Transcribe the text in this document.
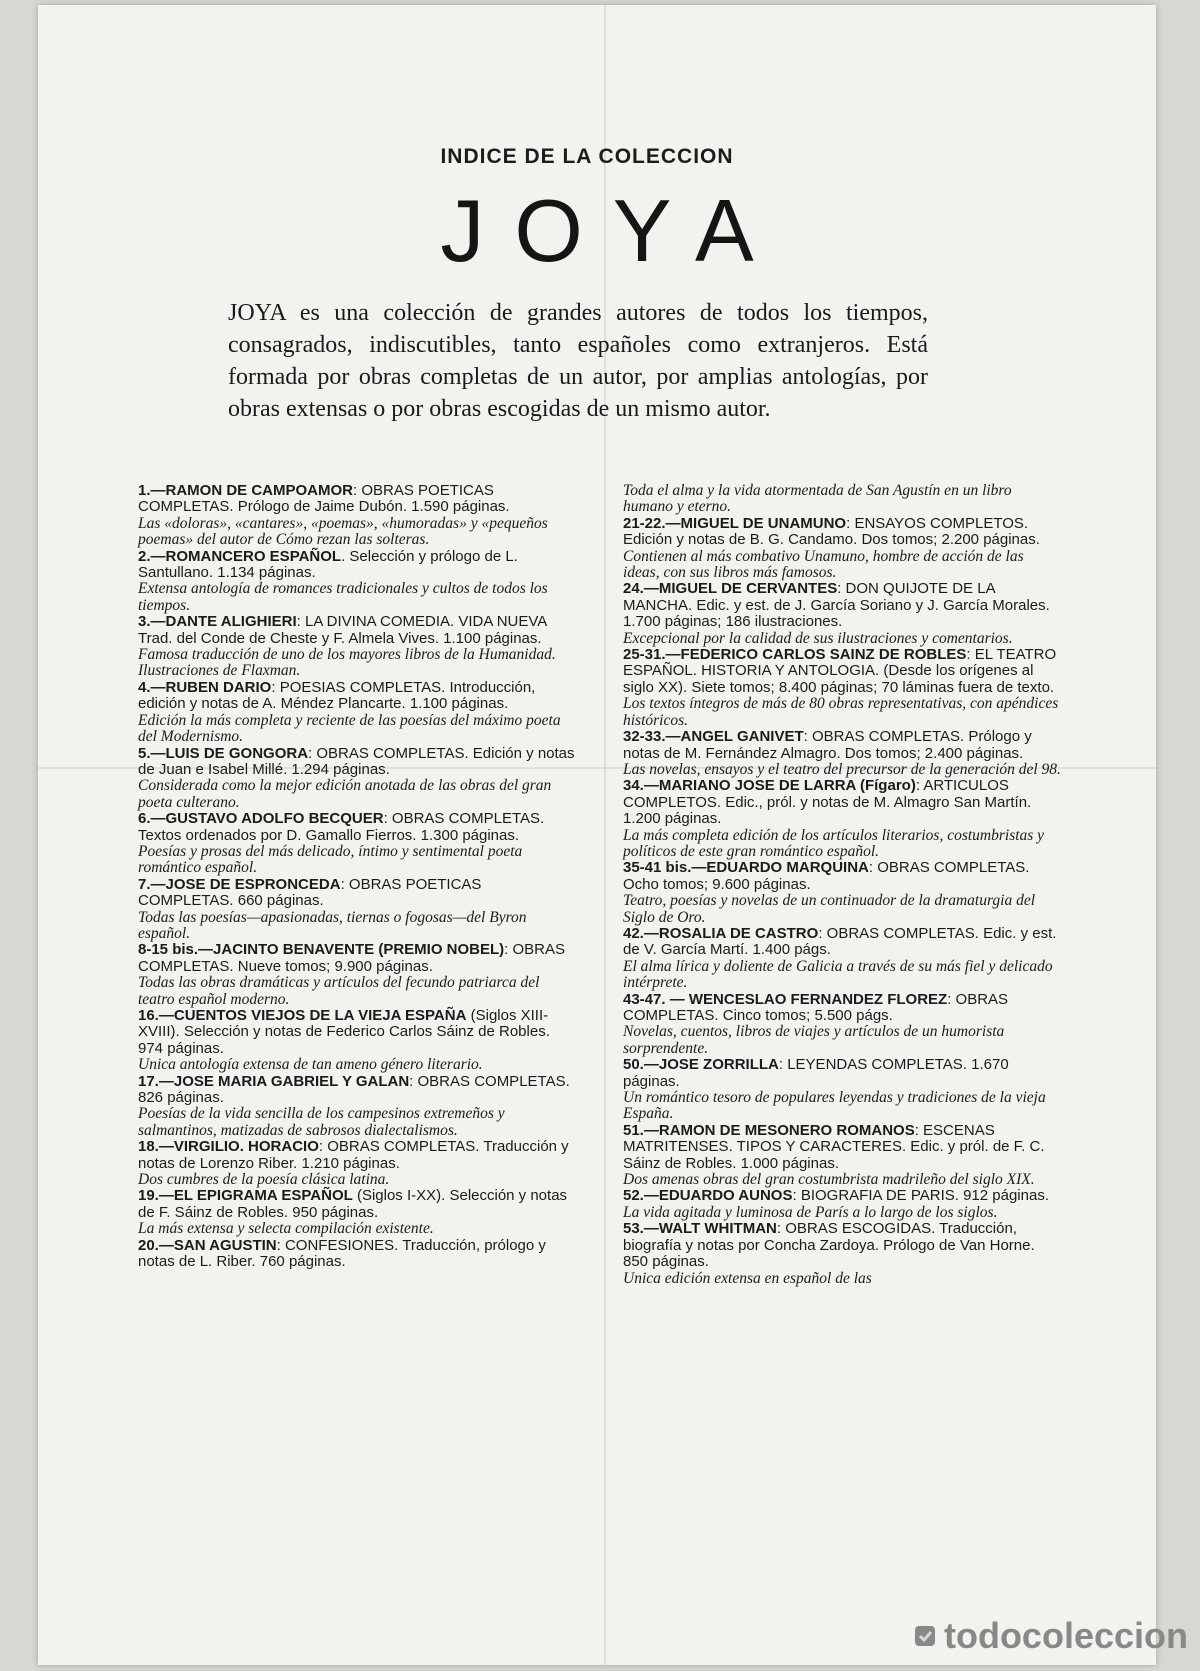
INDICE DE LA COLECCION
JOYA
JOYA es una colección de grandes autores de todos los tiempos, consagrados, indiscutibles, tanto españoles como extranjeros. Está formada por obras completas de un autor, por amplias antologías, por obras extensas o por obras escogidas de un mismo autor.
1.—RAMON DE CAMPOAMOR: OBRAS POETICAS COMPLETAS. Prólogo de Jaime Dubón. 1.590 páginas.
Las «doloras», «cantares», «poemas», «humoradas» y «pequeños poemas» del autor de Cómo rezan las solteras.
2.—ROMANCERO ESPAÑOL. Selección y prólogo de L. Santullano. 1.134 páginas.
Extensa antología de romances tradicionales y cultos de todos los tiempos.
3.—DANTE ALIGHIERI: LA DIVINA COMEDIA. VIDA NUEVA Trad. del Conde de Cheste y F. Almela Vives. 1.100 páginas.
Famosa traducción de uno de los mayores libros de la Humanidad. Ilustraciones de Flaxman.
4.—RUBEN DARIO: POESIAS COMPLETAS. Introducción, edición y notas de A. Méndez Plancarte. 1.100 páginas.
Edición la más completa y reciente de las poesías del máximo poeta del Modernismo.
5.—LUIS DE GONGORA: OBRAS COMPLETAS. Edición y notas de Juan e Isabel Millé. 1.294 páginas.
Considerada como la mejor edición anotada de las obras del gran poeta culterano.
6.—GUSTAVO ADOLFO BECQUER: OBRAS COMPLETAS. Textos ordenados por D. Gamallo Fierros. 1.300 páginas.
Poesías y prosas del más delicado, íntimo y sentimental poeta romántico español.
7.—JOSE DE ESPRONCEDA: OBRAS POETICAS COMPLETAS. 660 páginas.
Todas las poesías—apasionadas, tiernas o fogosas—del Byron español.
8-15 bis.—JACINTO BENAVENTE (PREMIO NOBEL): OBRAS COMPLETAS. Nueve tomos; 9.900 páginas.
Todas las obras dramáticas y artículos del fecundo patriarca del teatro español moderno.
16.—CUENTOS VIEJOS DE LA VIEJA ESPAÑA (Siglos XIII-XVIII). Selección y notas de Federico Carlos Sáinz de Robles. 974 páginas.
Unica antología extensa de tan ameno género literario.
17.—JOSE MARIA GABRIEL Y GALAN: OBRAS COMPLETAS. 826 páginas.
Poesías de la vida sencilla de los campesinos extremeños y salmantinos, matizadas de sabrosos dialectalismos.
18.—VIRGILIO. HORACIO: OBRAS COMPLETAS. Traducción y notas de Lorenzo Riber. 1.210 páginas.
Dos cumbres de la poesía clásica latina.
19.—EL EPIGRAMA ESPAÑOL (Siglos I-XX). Selección y notas de F. Sáinz de Robles. 950 páginas.
La más extensa y selecta compilación existente.
20.—SAN AGUSTIN: CONFESIONES. Traducción, prólogo y notas de L. Riber. 760 páginas.
Toda el alma y la vida atormentada de San Agustín en un libro humano y eterno.
21-22.—MIGUEL DE UNAMUNO: ENSAYOS COMPLETOS. Edición y notas de B. G. Candamo. Dos tomos; 2.200 páginas.
Contienen al más combativo Unamuno, hombre de acción de las ideas, con sus libros más famosos.
24.—MIGUEL DE CERVANTES: DON QUIJOTE DE LA MANCHA. Edic. y est. de J. García Soriano y J. García Morales. 1.700 páginas; 186 ilustraciones.
Excepcional por la calidad de sus ilustraciones y comentarios.
25-31.—FEDERICO CARLOS SAINZ DE ROBLES: EL TEATRO ESPAÑOL. HISTORIA Y ANTOLOGIA. (Desde los orígenes al siglo XX). Siete tomos; 8.400 páginas; 70 láminas fuera de texto.
Los textos íntegros de más de 80 obras representativas, con apéndices históricos.
32-33.—ANGEL GANIVET: OBRAS COMPLETAS. Prólogo y notas de M. Fernández Almagro. Dos tomos; 2.400 páginas.
Las novelas, ensayos y el teatro del precursor de la generación del 98.
34.—MARIANO JOSE DE LARRA (Fígaro): ARTICULOS COMPLETOS. Edic., pról. y notas de M. Almagro San Martín. 1.200 páginas.
La más completa edición de los artículos literarios, costumbristas y políticos de este gran romántico español.
35-41 bis.—EDUARDO MARQUINA: OBRAS COMPLETAS. Ocho tomos; 9.600 páginas.
Teatro, poesías y novelas de un continuador de la dramaturgia del Siglo de Oro.
42.—ROSALIA DE CASTRO: OBRAS COMPLETAS. Edic. y est. de V. García Martí. 1.400 págs.
El alma lírica y doliente de Galicia a través de su más fiel y delicado intérprete.
43-47. — WENCESLAO FERNANDEZ FLOREZ: OBRAS COMPLETAS. Cinco tomos; 5.500 págs.
Novelas, cuentos, libros de viajes y artículos de un humorista sorprendente.
50.—JOSE ZORRILLA: LEYENDAS COMPLETAS. 1.670 páginas.
Un romántico tesoro de populares leyendas y tradiciones de la vieja España.
51.—RAMON DE MESONERO ROMANOS: ESCENAS MATRITENSES. TIPOS Y CARACTERES. Edic. y pról. de F. C. Sáinz de Robles. 1.000 páginas.
Dos amenas obras del gran costumbrista madrileño del siglo XIX.
52.—EDUARDO AUNOS: BIOGRAFIA DE PARIS. 912 páginas.
La vida agitada y luminosa de París a lo largo de los siglos.
53.—WALT WHITMAN: OBRAS ESCOGIDAS. Traducción, biografía y notas por Concha Zardoya. Prólogo de Van Horne. 850 páginas.
Unica edición extensa en español de las
todocoleccion
